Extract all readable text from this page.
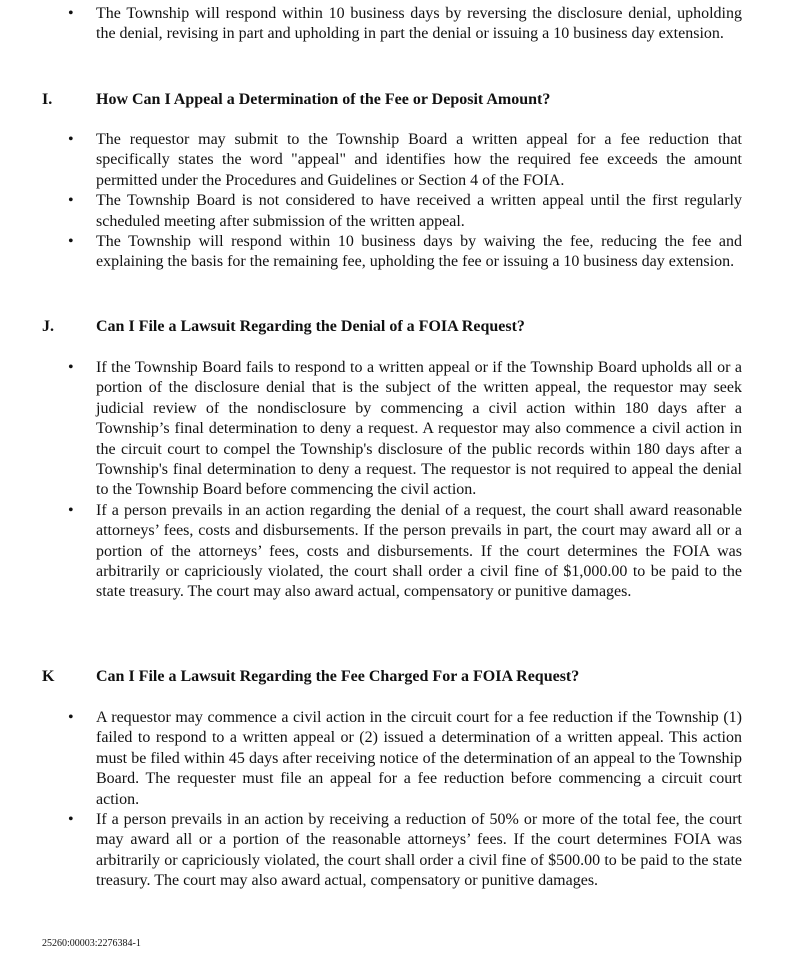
• The Township will respond within 10 business days by reversing the disclosure denial, upholding the denial, revising in part and upholding in part the denial or issuing a 10 business day extension.
I.	How Can I Appeal a Determination of the Fee or Deposit Amount?
• The requestor may submit to the Township Board a written appeal for a fee reduction that specifically states the word "appeal" and identifies how the required fee exceeds the amount permitted under the Procedures and Guidelines or Section 4 of the FOIA.
• The Township Board is not considered to have received a written appeal until the first regularly scheduled meeting after submission of the written appeal.
• The Township will respond within 10 business days by waiving the fee, reducing the fee and explaining the basis for the remaining fee, upholding the fee or issuing a 10 business day extension.
J.	Can I File a Lawsuit Regarding the Denial of a FOIA Request?
• If the Township Board fails to respond to a written appeal or if the Township Board upholds all or a portion of the disclosure denial that is the subject of the written appeal, the requestor may seek judicial review of the nondisclosure by commencing a civil action within 180 days after a Township’s final determination to deny a request. A requestor may also commence a civil action in the circuit court to compel the Township's disclosure of the public records within 180 days after a Township's final determination to deny a request. The requestor is not required to appeal the denial to the Township Board before commencing the civil action.
• If a person prevails in an action regarding the denial of a request, the court shall award reasonable attorneys’ fees, costs and disbursements. If the person prevails in part, the court may award all or a portion of the attorneys’ fees, costs and disbursements. If the court determines the FOIA was arbitrarily or capriciously violated, the court shall order a civil fine of $1,000.00 to be paid to the state treasury. The court may also award actual, compensatory or punitive damages.
K	Can I File a Lawsuit Regarding the Fee Charged For a FOIA Request?
• A requestor may commence a civil action in the circuit court for a fee reduction if the Township (1) failed to respond to a written appeal or (2) issued a determination of a written appeal. This action must be filed within 45 days after receiving notice of the determination of an appeal to the Township Board. The requester must file an appeal for a fee reduction before commencing a circuit court action.
• If a person prevails in an action by receiving a reduction of 50% or more of the total fee, the court may award all or a portion of the reasonable attorneys’ fees. If the court determines FOIA was arbitrarily or capriciously violated, the court shall order a civil fine of $500.00 to be paid to the state treasury. The court may also award actual, compensatory or punitive damages.
25260:00003:2276384-1
